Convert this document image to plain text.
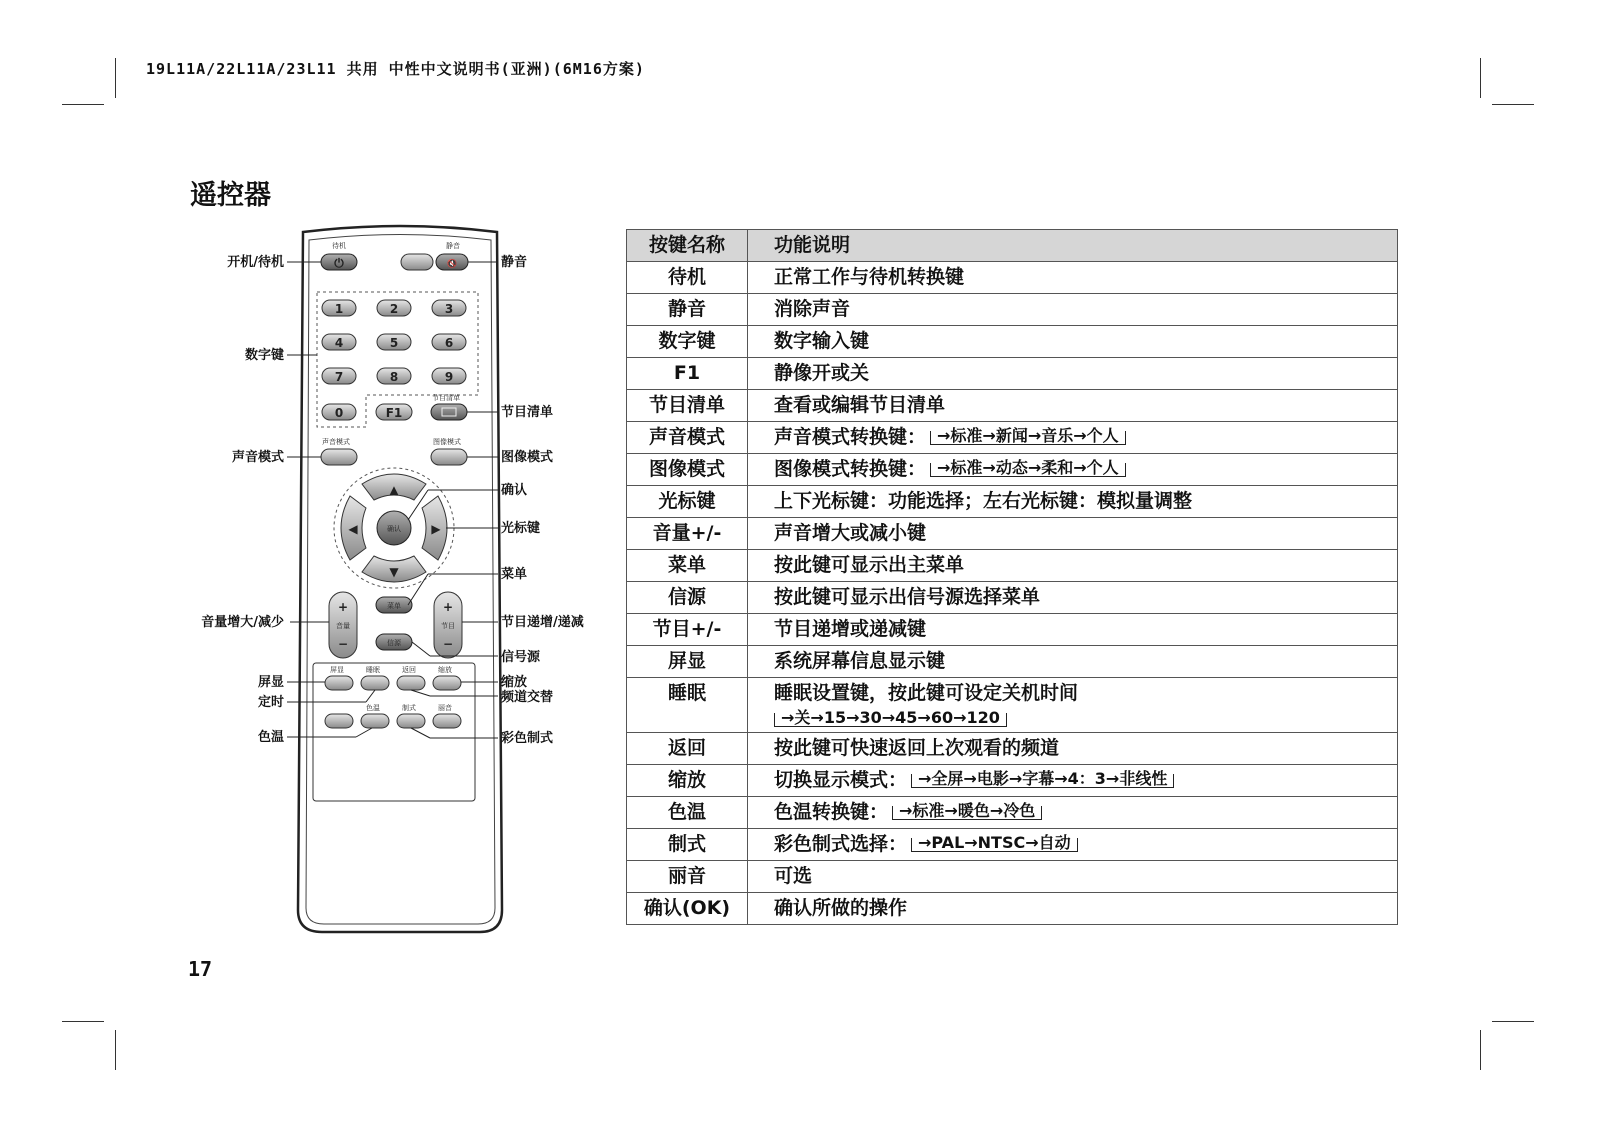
19L11A/22L11A/23L11 共用 中性中文说明书(亚洲)(6M16方案)
遥控器
17
待机	静音
⏻	🔇
1	2	3
4	5	6
7	8	9
0	F1
节目清单
声音模式	图像模式
▲
▼
◀	▶
确认
+
音量
−
+
节目
−
菜单
信源
屏显	睡眠	返回	缩放
色温	制式	丽音
开机/待机
数字键
声音模式
音量增大/减少
屏显
定时
色温
静音
节目清单
图像模式
确认
光标键
菜单
节目递增/递减
信号源
缩放
频道交替
彩色制式
按键名称	功能说明
待机	正常工作与待机转换键
静音	消除声音
数字键	数字输入键
F1	静像开或关
节目清单	查看或编辑节目清单
声音模式	声音模式转换键： →标准→新闻→音乐→个人
图像模式	图像模式转换键： →标准→动态→柔和→个人
光标键	上下光标键：功能选择；左右光标键：模拟量调整
音量+/-	声音增大或减小键
菜单	按此键可显示出主菜单
信源	按此键可显示出信号源选择菜单
节目+/-	节目递增或递减键
屏显	系统屏幕信息显示键
睡眠	睡眠设置键，按此键可设定关机时间
→关→15→30→45→60→120

返回	按此键可快速返回上次观看的频道
缩放	切换显示模式： →全屏→电影→字幕→4：3→非线性
色温	色温转换键： →标准→暖色→冷色
制式	彩色制式选择： →PAL→NTSC→自动
丽音	可选
确认(OK)	确认所做的操作
